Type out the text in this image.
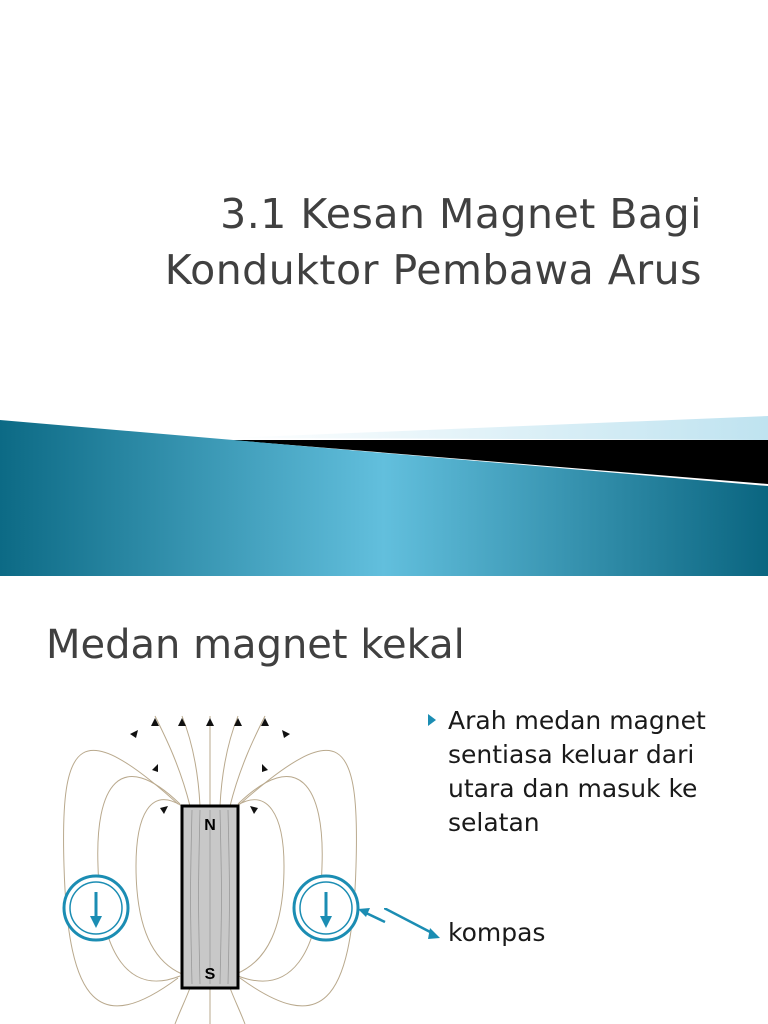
3.1 Kesan Magnet Bagi
Konduktor Pembawa Arus
Medan magnet kekal
N
S
Arah medan magnet sentiasa keluar dari utara dan masuk ke selatan
kompas
